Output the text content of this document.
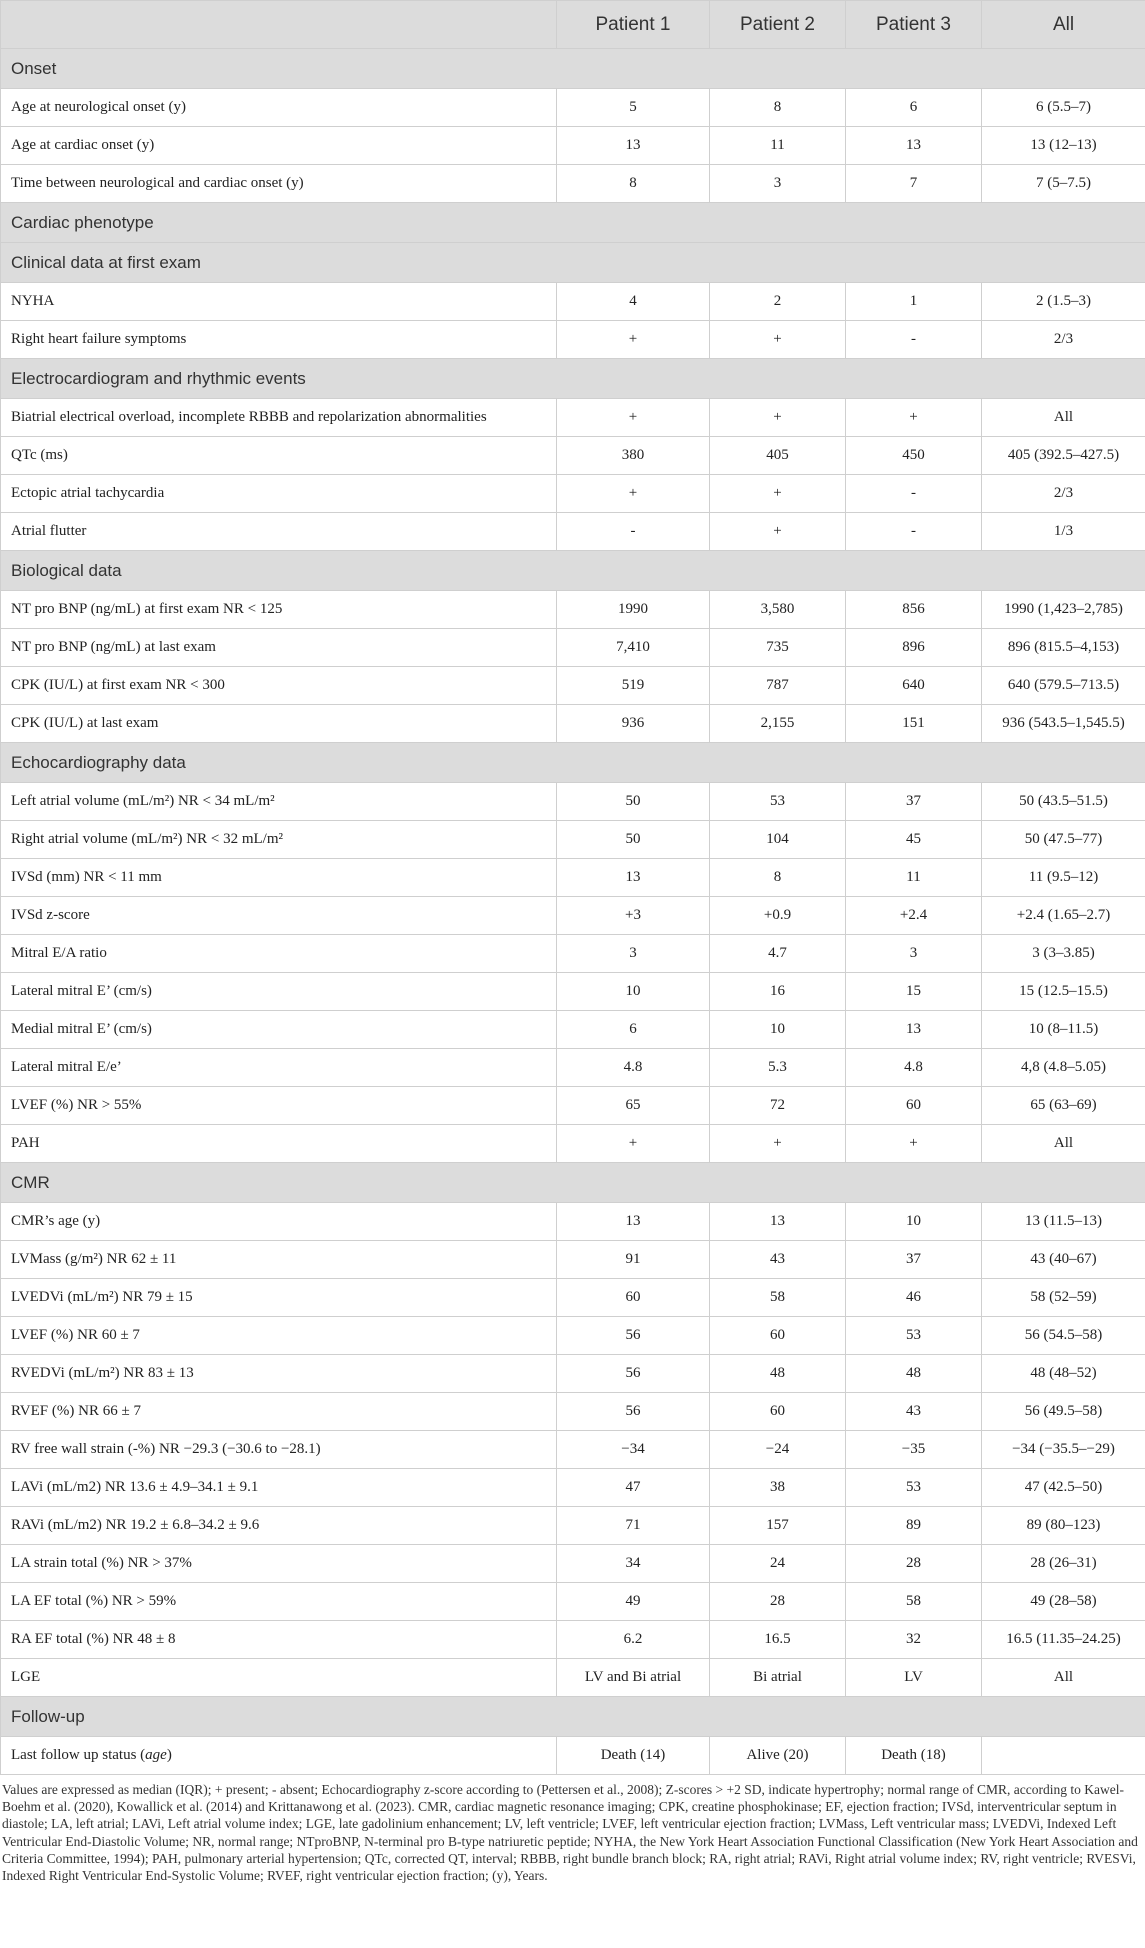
	Patient 1	Patient 2	Patient 3	All
Onset				
Age at neurological onset (y)	5	8	6	6 (5.5–7)
Age at cardiac onset (y)	13	11	13	13 (12–13)
Time between neurological and cardiac onset (y)	8	3	7	7 (5–7.5)
Cardiac phenotype				
Clinical data at first exam				
NYHA	4	2	1	2 (1.5–3)
Right heart failure symptoms	+	+	-	2/3
Electrocardiogram and rhythmic events				
Biatrial electrical overload, incomplete RBBB and repolarization abnormalities	+	+	+	All
QTc (ms)	380	405	450	405 (392.5–427.5)
Ectopic atrial tachycardia	+	+	-	2/3
Atrial flutter	-	+	-	1/3
Biological data				
NT pro BNP (ng/mL) at first exam NR < 125	1990	3,580	856	1990 (1,423–2,785)
NT pro BNP (ng/mL) at last exam	7,410	735	896	896 (815.5–4,153)
CPK (IU/L) at first exam NR < 300	519	787	640	640 (579.5–713.5)
CPK (IU/L) at last exam	936	2,155	151	936 (543.5–1,545.5)
Echocardiography data				
Left atrial volume (mL/m²) NR < 34 mL/m²	50	53	37	50 (43.5–51.5)
Right atrial volume (mL/m²) NR < 32 mL/m²	50	104	45	50 (47.5–77)
IVSd (mm) NR < 11 mm	13	8	11	11 (9.5–12)
IVSd z-score	+3	+0.9	+2.4	+2.4 (1.65–2.7)
Mitral E/A ratio	3	4.7	3	3 (3–3.85)
Lateral mitral E’ (cm/s)	10	16	15	15 (12.5–15.5)
Medial mitral E’ (cm/s)	6	10	13	10 (8–11.5)
Lateral mitral E/e’	4.8	5.3	4.8	4,8 (4.8–5.05)
LVEF (%) NR > 55%	65	72	60	65 (63–69)
PAH	+	+	+	All
CMR				
CMR’s age (y)	13	13	10	13 (11.5–13)
LVMass (g/m²) NR 62 ± 11	91	43	37	43 (40–67)
LVEDVi (mL/m²) NR 79 ± 15	60	58	46	58 (52–59)
LVEF (%) NR 60 ± 7	56	60	53	56 (54.5–58)
RVEDVi (mL/m²) NR 83 ± 13	56	48	48	48 (48–52)
RVEF (%) NR 66 ± 7	56	60	43	56 (49.5–58)
RV free wall strain (-%) NR −29.3 (−30.6 to −28.1)	−34	−24	−35	−34 (−35.5–−29)
LAVi (mL/m2) NR 13.6 ± 4.9–34.1 ± 9.1	47	38	53	47 (42.5–50)
RAVi (mL/m2) NR 19.2 ± 6.8–34.2 ± 9.6	71	157	89	89 (80–123)
LA strain total (%) NR > 37%	34	24	28	28 (26–31)
LA EF total (%) NR > 59%	49	28	58	49 (28–58)
RA EF total (%) NR 48 ± 8	6.2	16.5	32	16.5 (11.35–24.25)
LGE	LV and Bi atrial	Bi atrial	LV	All
Follow-up				
Last follow up status (age)	Death (14)	Alive (20)	Death (18)	
Values are expressed as median (IQR); + present; - absent; Echocardiography z-score according to (Pettersen et al., 2008); Z-scores > +2 SD, indicate hypertrophy; normal range of CMR, according to Kawel-Boehm et al. (2020), Kowallick et al. (2014) and Krittanawong et al. (2023). CMR, cardiac magnetic resonance imaging; CPK, creatine phosphokinase; EF, ejection fraction; IVSd, interventricular septum in diastole; LA, left atrial; LAVi, Left atrial volume index; LGE, late gadolinium enhancement; LV, left ventricle; LVEF, left ventricular ejection fraction; LVMass, Left ventricular mass; LVEDVi, Indexed Left Ventricular End-Diastolic Volume; NR, normal range; NTproBNP, N-terminal pro B-type natriuretic peptide; NYHA, the New York Heart Association Functional Classification (New York Heart Association and Criteria Committee, 1994); PAH, pulmonary arterial hypertension; QTc, corrected QT, interval; RBBB, right bundle branch block; RA, right atrial; RAVi, Right atrial volume index; RV, right ventricle; RVESVi, Indexed Right Ventricular End-Systolic Volume; RVEF, right ventricular ejection fraction; (y), Years.
